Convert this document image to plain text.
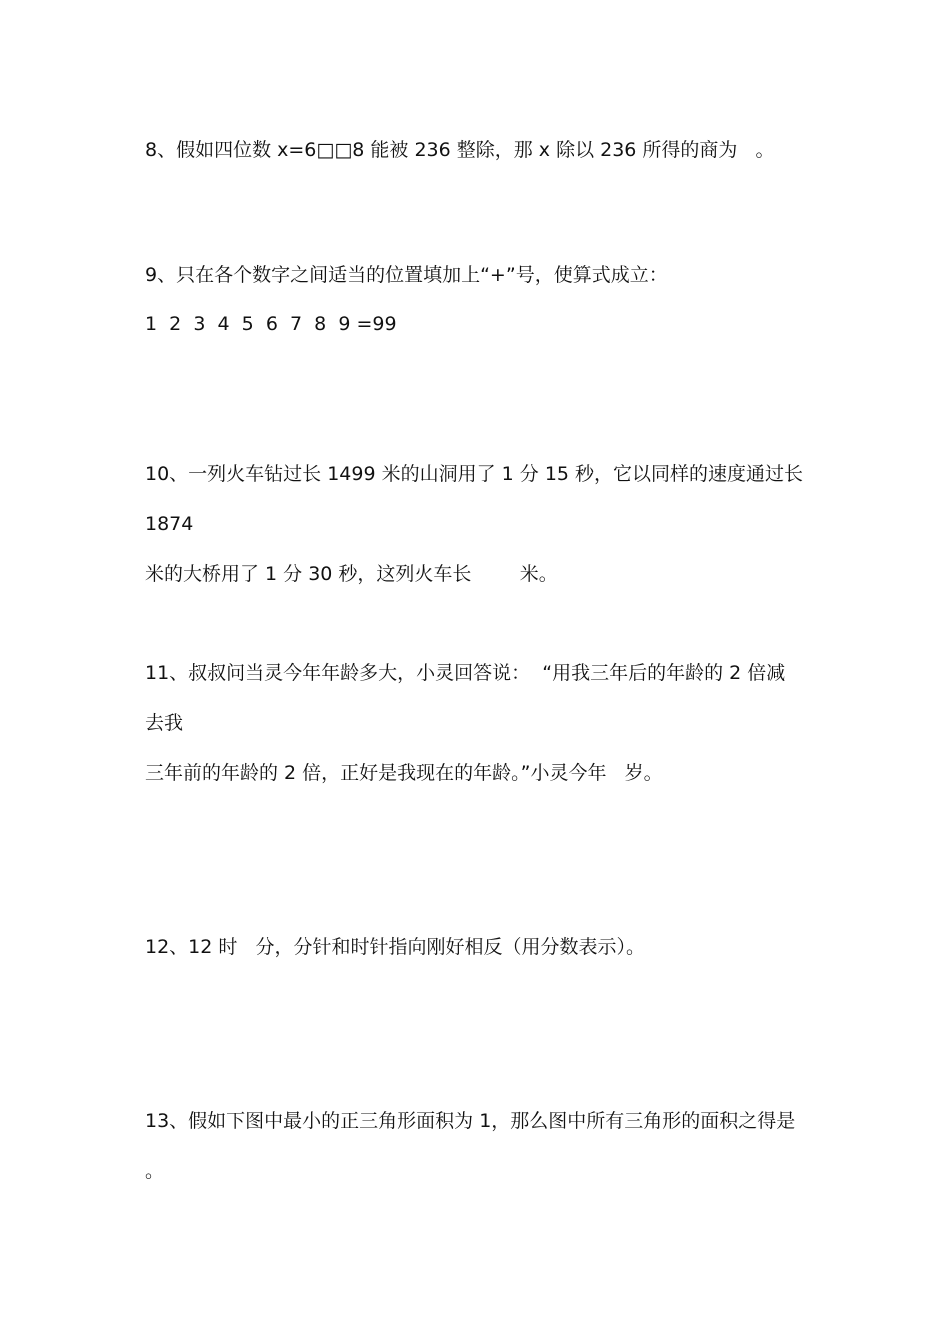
8、假如四位数 x=6□□8 能被 236 整除，那 x 除以 236 所得的商为   。
9、只在各个数字之间适当的位置填加上“+”号，使算式成立：
1  2  3  4  5  6  7  8  9 =99
10、一列火车钻过长 1499 米的山洞用了 1 分 15 秒，它以同样的速度通过长
1874
米的大桥用了 1 分 30 秒，这列火车长        米。
11、叔叔问当灵今年年龄多大，小灵回答说：  “用我三年后的年龄的 2 倍减
去我
三年前的年龄的 2 倍，正好是我现在的年龄。”小灵今年   岁。
12、12 时   分，分针和时针指向刚好相反（用分数表示）。
13、假如下图中最小的正三角形面积为 1，那么图中所有三角形的面积之得是
。
